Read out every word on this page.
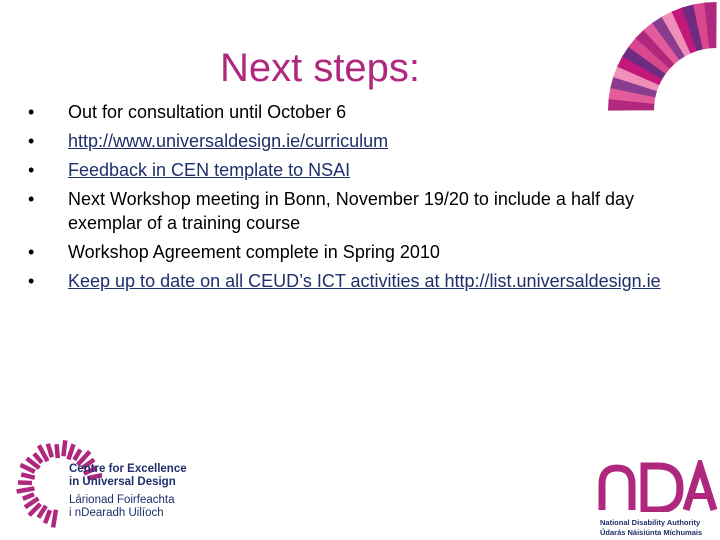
Next steps:
• Out for consultation until October 6
• http://www.universaldesign.ie/curriculum
• Feedback in CEN template to NSAI
• Next Workshop meeting in Bonn, November 19/20 to include a half day exemplar of a training course
• Workshop Agreement complete in Spring 2010
• Keep up to date on all CEUD’s ICT activities at http://list.universaldesign.ie
Centre for Excellence
in Universal Design
Lárionad Foirfeachta
i nDearadh Uilíoch
National Disability Authority
Údarás Náisiúnta Míchumais
